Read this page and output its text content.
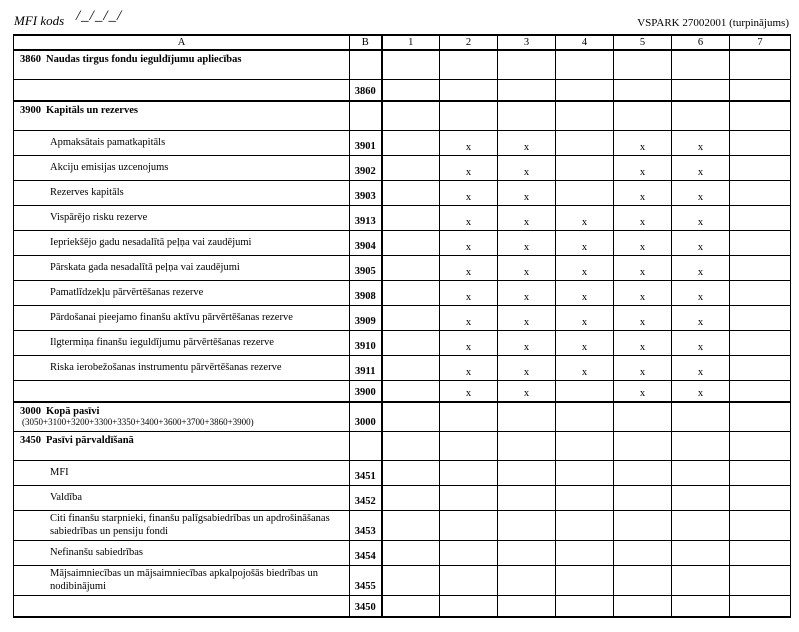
MFI kods /_/_/_/	VSPARK 27002001 (turpinājums)
A	B	1	2	3	4	5	6	7
3860 Naudas tirgus fondu ieguldījumu apliecības								
	3860							
3900 Kapitāls un rezerves								

Apmaksātais pamatkapitāls	3901		x	x		x	x	

Akciju emisijas uzcenojums	3902		x	x		x	x	

Rezerves kapitāls	3903		x	x		x	x	

Vispārējo risku rezerve	3913		x	x	x	x	x	

Iepriekšējo gadu nesadalītā peļņa vai zaudējumi	3904		x	x	x	x	x	

Pārskata gada nesadalītā peļņa vai zaudējumi	3905		x	x	x	x	x	

Pamatlīdzekļu pārvērtēšanas rezerve	3908		x	x	x	x	x	

Pārdošanai pieejamo finanšu aktīvu pārvērtēšanas rezerve	3909		x	x	x	x	x	

Ilgtermiņa finanšu ieguldījumu pārvērtēšanas rezerve	3910		x	x	x	x	x	

Riska ierobežošanas instrumentu pārvērtēšanas rezerve	3911		x	x	x	x	x	
	3900		x	x		x	x	
3000 Kopā pasīvi
(3050+3100+3200+3300+3350+3400+3600+3700+3860+3900)	3000							
3450 Pasīvi pārvaldīšanā								

MFI	3451							

Valdība	3452							

Citi finanšu starpnieki, finanšu palīgsabiedrības un apdrošināšanas sabiedrības un pensiju fondi	3453							

Nefinanšu sabiedrības	3454							

Mājsaimniecības un mājsaimniecības apkalpojošās biedrības un nodibinājumi	3455							
	3450							
